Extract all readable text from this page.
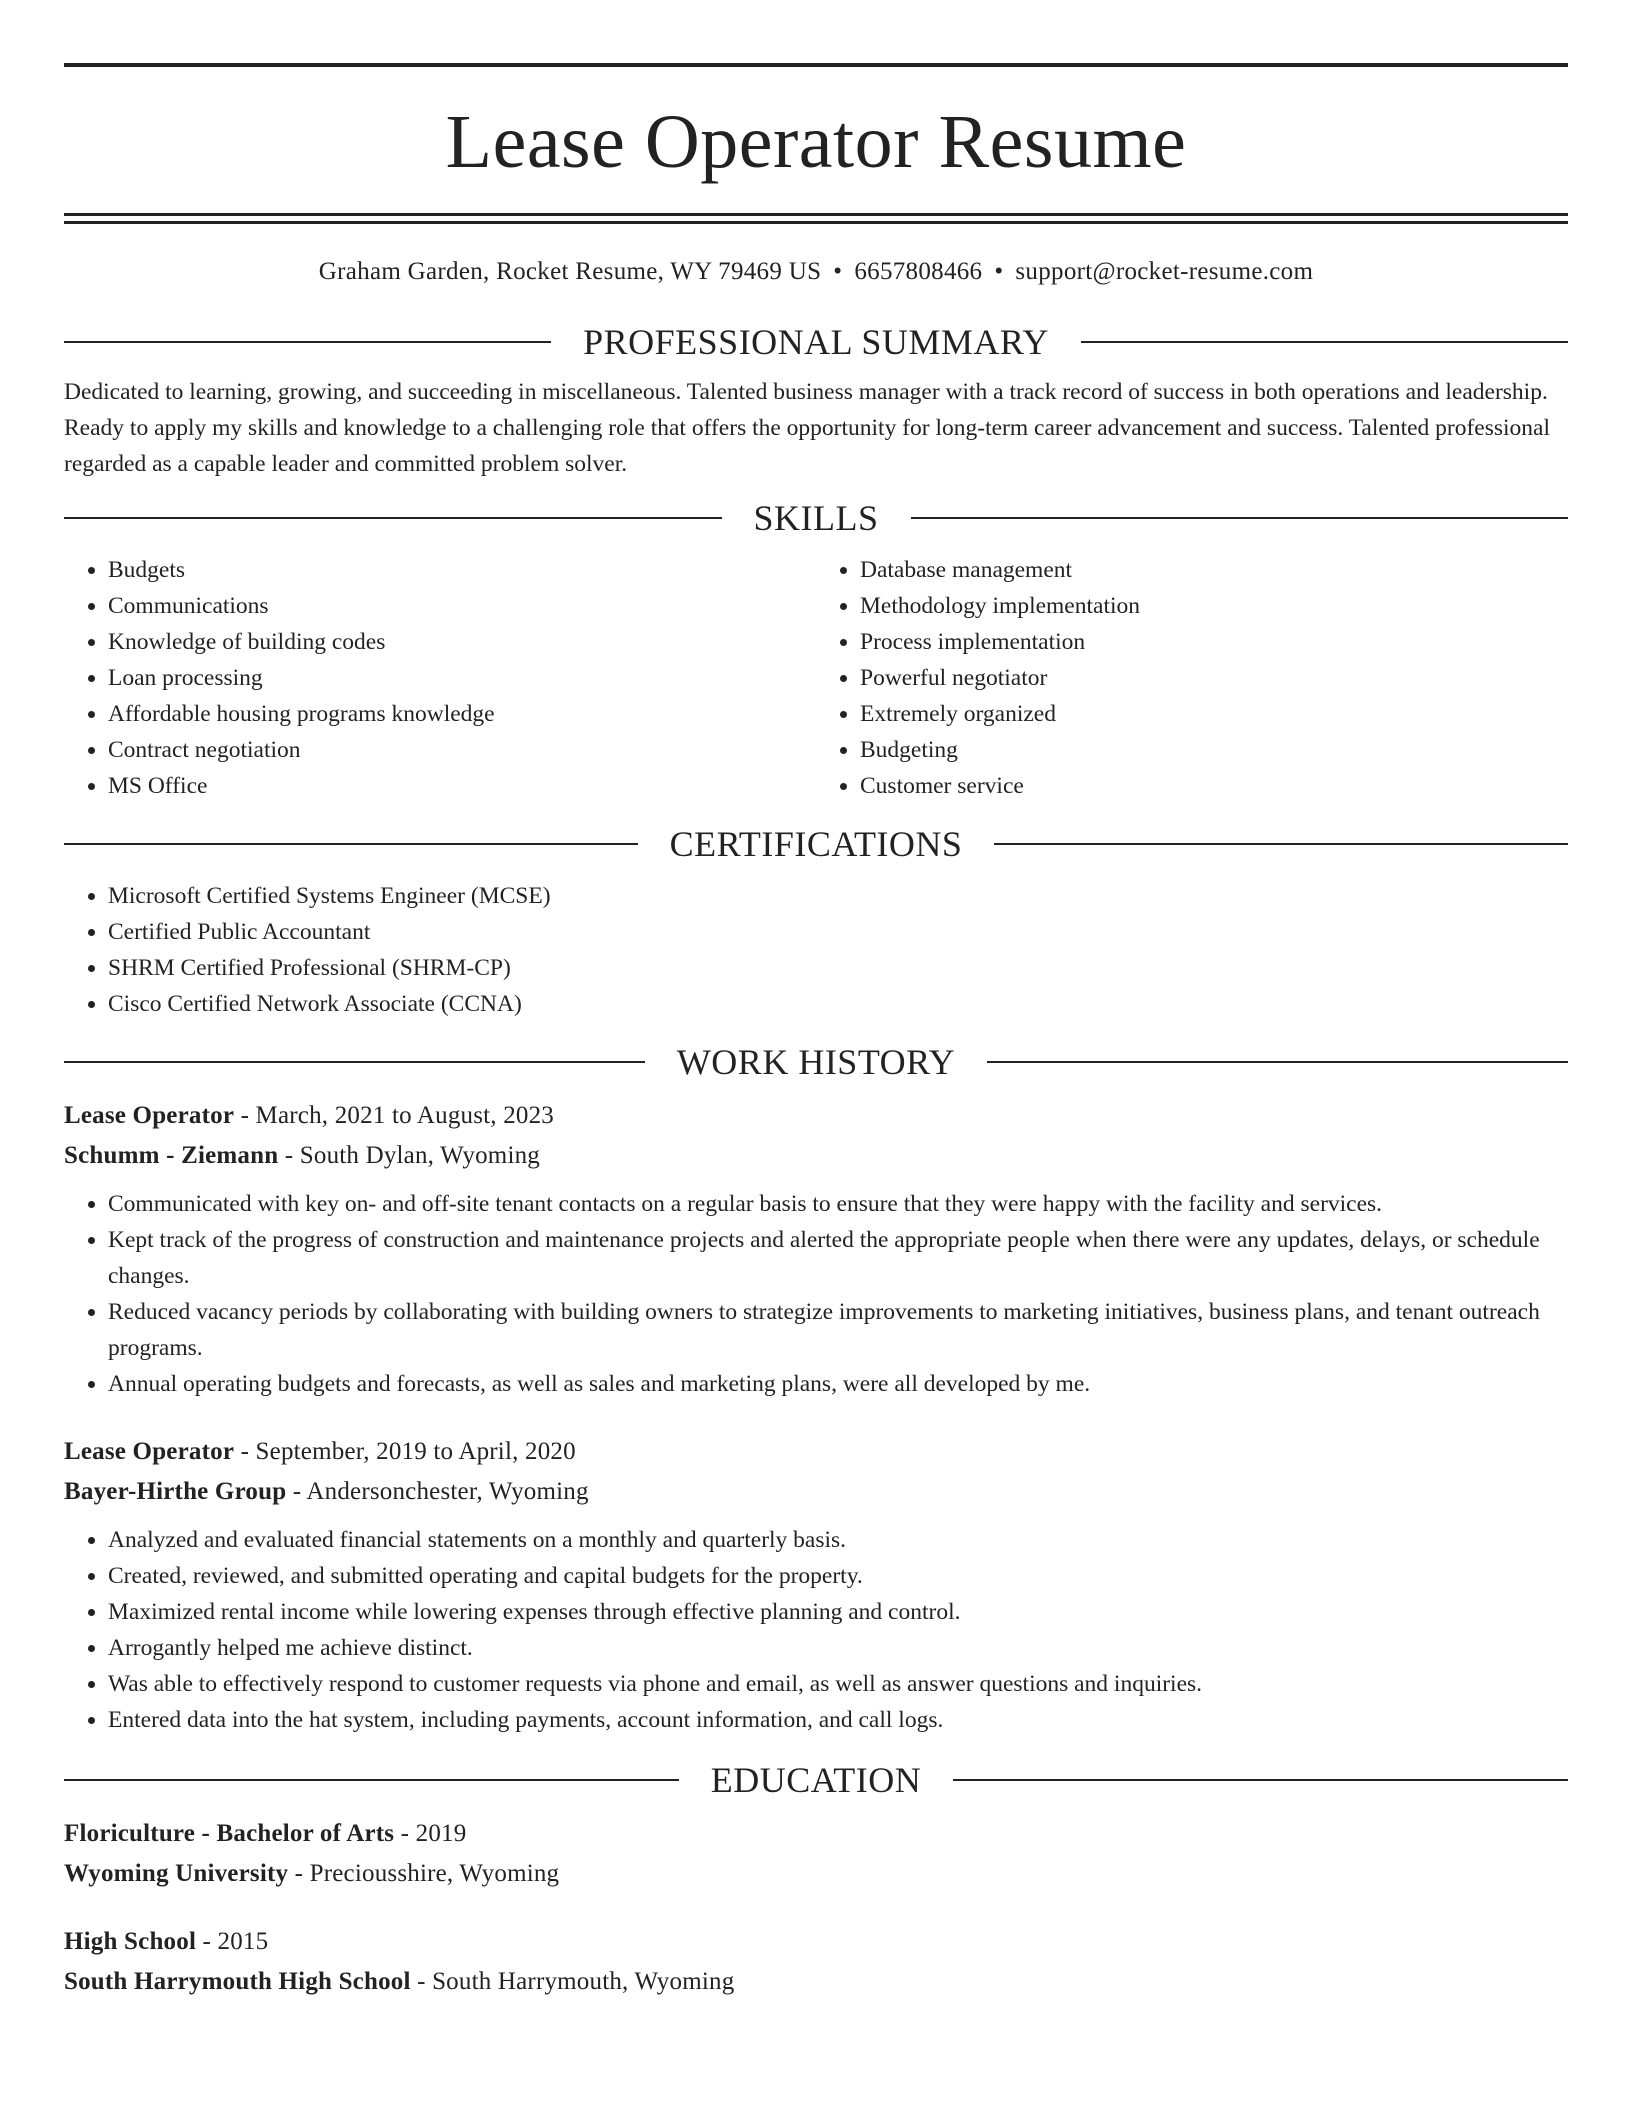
Lease Operator Resume
Graham Garden, Rocket Resume, WY 79469 US • 6657808466 • support@rocket-resume.com
PROFESSIONAL SUMMARY

Dedicated to learning, growing, and succeeding in miscellaneous. Talented business manager with a track record of success in both operations and leadership. Ready to apply my skills and knowledge to a challenging role that offers the opportunity for long-term career advancement and success. Talented professional regarded as a capable leader and committed problem solver.

SKILLS
• Budgets
• Communications
• Knowledge of building codes
• Loan processing
• Affordable housing programs knowledge
• Contract negotiation
• MS Office
• Database management
• Methodology implementation
• Process implementation
• Powerful negotiator
• Extremely organized
• Budgeting
• Customer service
CERTIFICATIONS
• Microsoft Certified Systems Engineer (MCSE)
• Certified Public Accountant
• SHRM Certified Professional (SHRM-CP)
• Cisco Certified Network Associate (CCNA)
WORK HISTORY
Lease Operator - March, 2021 to August, 2023
Schumm - Ziemann - South Dylan, Wyoming
• Communicated with key on- and off-site tenant contacts on a regular basis to ensure that they were happy with the facility and services.
• Kept track of the progress of construction and maintenance projects and alerted the appropriate people when there were any updates, delays, or schedule changes.
• Reduced vacancy periods by collaborating with building owners to strategize improvements to marketing initiatives, business plans, and tenant outreach programs.
• Annual operating budgets and forecasts, as well as sales and marketing plans, were all developed by me.
Lease Operator - September, 2019 to April, 2020
Bayer-Hirthe Group - Andersonchester, Wyoming
• Analyzed and evaluated financial statements on a monthly and quarterly basis.
• Created, reviewed, and submitted operating and capital budgets for the property.
• Maximized rental income while lowering expenses through effective planning and control.
• Arrogantly helped me achieve distinct.
• Was able to effectively respond to customer requests via phone and email, as well as answer questions and inquiries.
• Entered data into the hat system, including payments, account information, and call logs.
EDUCATION
Floriculture - Bachelor of Arts - 2019
Wyoming University - Preciousshire, Wyoming
High School - 2015
South Harrymouth High School - South Harrymouth, Wyoming
